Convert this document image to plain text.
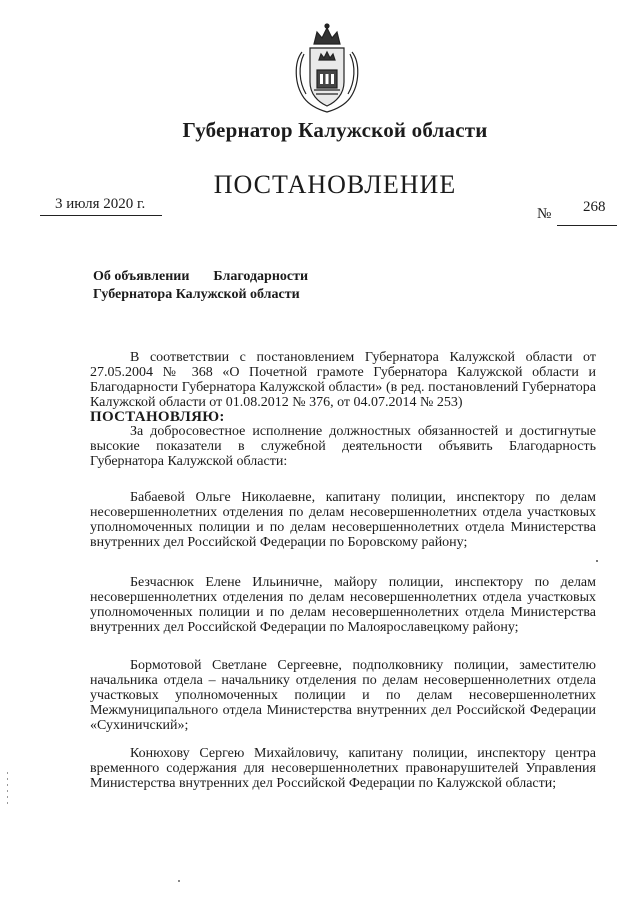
Губернатор Калужской области
ПОСТАНОВЛЕНИЕ
3 июля 2020 г.
№ 268
Об объявлении Благодарности
Губернатора Калужской области

В соответствии с постановлением Губернатора Калужской области от 27.05.2004 № 368 «О Почетной грамоте Губернатора Калужской области и Благодарности Губернатора Калужской области» (в ред. постановлений Губернатора Калужской области от 01.08.2012 № 376, от 04.07.2014 № 253)

ПОСТАНОВЛЯЮ:

За добросовестное исполнение должностных обязанностей и достигнутые высокие показатели в служебной деятельности объявить Благодарность Губернатора Калужской области:

Бабаевой Ольге Николаевне, капитану полиции, инспектору по делам несовершеннолетних отделения по делам несовершеннолетних отдела участковых уполномоченных полиции и по делам несовершеннолетних отдела Министерства внутренних дел Российской Федерации по Боровскому району;

Безчаснюк Елене Ильиничне, майору полиции, инспектору по делам несовершеннолетних отделения по делам несовершеннолетних отдела участковых уполномоченных полиции и по делам несовершеннолетних отдела Министерства внутренних дел Российской Федерации по Малоярославецкому району;

Бормотовой Светлане Сергеевне, подполковнику полиции, заместителю начальника отдела – начальнику отделения по делам несовершеннолетних отдела участковых уполномоченных полиции и по делам несовершеннолетних Межмуниципального отдела Министерства внутренних дел Российской Федерации «Сухиничский»;

Конюхову Сергею Михайловичу, капитану полиции, инспектору центра временного содержания для несовершеннолетних правонарушителей Управления Министерства внутренних дел Российской Федерации по Калужской области;
